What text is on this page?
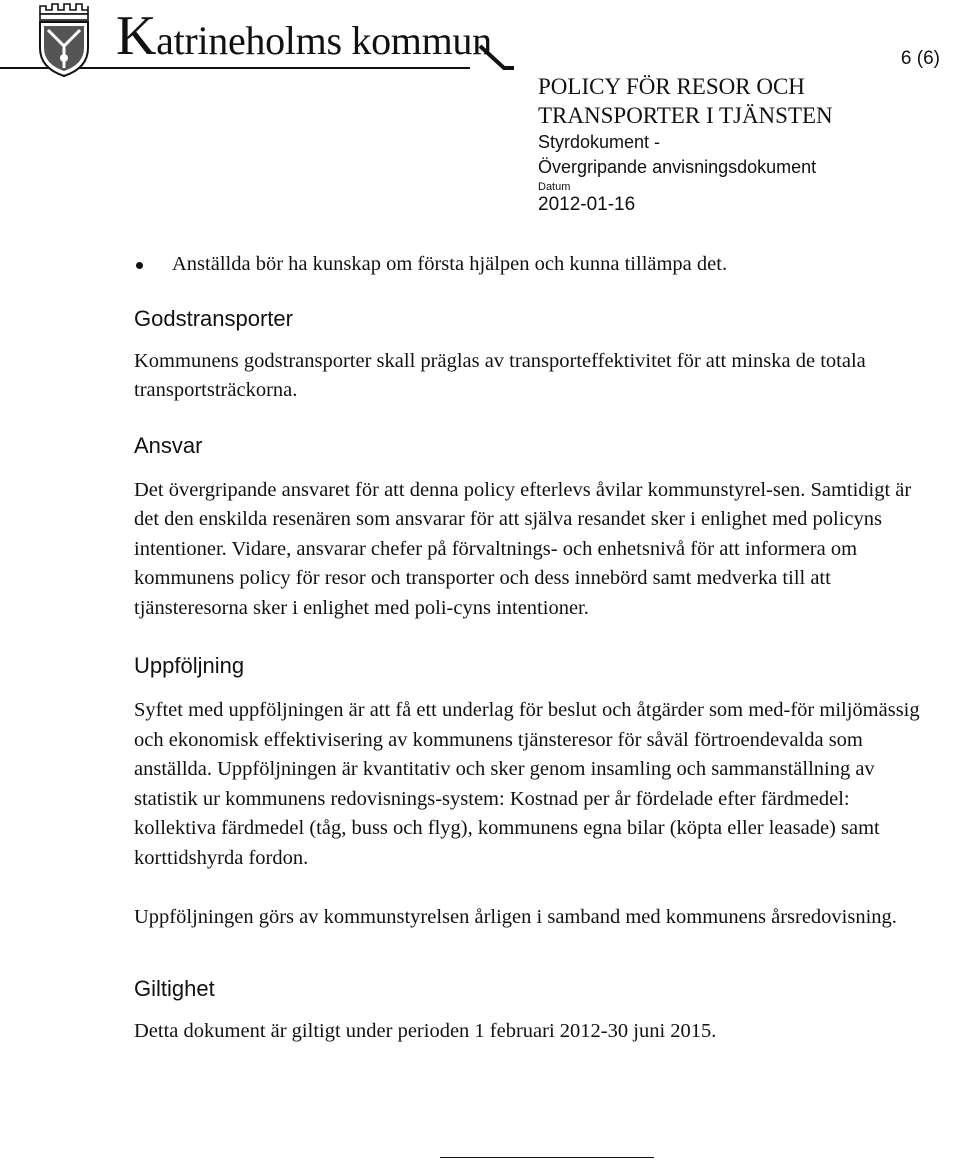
Katrineholms kommun	6 (6)
POLICY FÖR RESOR OCH
TRANSPORTER I TJÄNSTEN
Styrdokument -
Övergripande anvisningsdokument
Datum
2012-01-16

Anställda bör ha kunskap om första hjälpen och kunna tillämpa det.

Godstransporter

Kommunens godstransporter skall präglas av transporteffektivitet för att minska de totala transportsträckorna.

Ansvar

Det övergripande ansvaret för att denna policy efterlevs åvilar kommunstyrel-sen. Samtidigt är det den enskilda resenären som ansvarar för att själva resandet sker i enlighet med policyns intentioner. Vidare, ansvarar chefer på förvaltnings- och enhetsnivå för att informera om kommunens policy för resor och transporter och dess innebörd samt medverka till att tjänsteresorna sker i enlighet med poli-cyns intentioner.

Uppföljning

Syftet med uppföljningen är att få ett underlag för beslut och åtgärder som med-för miljömässig och ekonomisk effektivisering av kommunens tjänsteresor för såväl förtroendevalda som anställda. Uppföljningen är kvantitativ och sker genom insamling och sammanställning av statistik ur kommunens redovisnings-system: Kostnad per år fördelade efter färdmedel: kollektiva färdmedel (tåg, buss och flyg), kommunens egna bilar (köpta eller leasade) samt korttidshyrda fordon.

Uppföljningen görs av kommunstyrelsen årligen i samband med kommunens årsredovisning.

Giltighet

Detta dokument är giltigt under perioden 1 februari 2012-30 juni 2015.
